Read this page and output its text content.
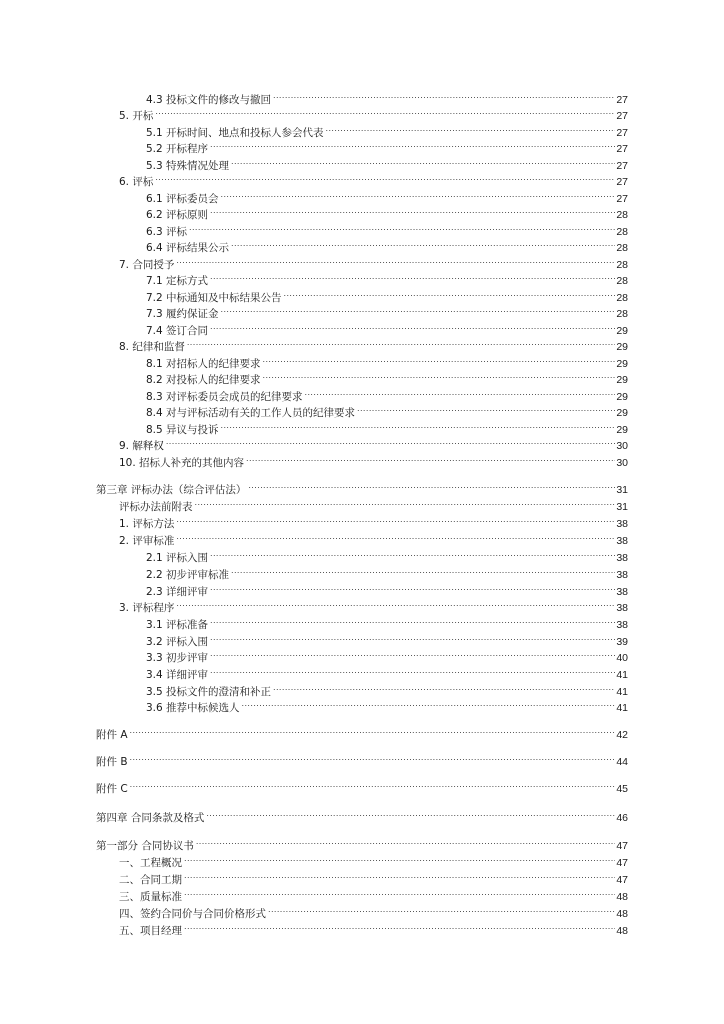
4.3 投标文件的修改与撤回 .....	27
5. 开标 .....	27
5.1 开标时间、地点和投标人参会代表 .....	27
5.2 开标程序 .....	27
5.3 特殊情况处理 .....	27
6. 评标 .....	27
6.1 评标委员会 .....	27
6.2 评标原则 .....	28
6.3 评标 .....	28
6.4 评标结果公示 .....	28
7. 合同授予 .....	28
7.1 定标方式 .....	28
7.2 中标通知及中标结果公告 .....	28
7.3 履约保证金 .....	28
7.4 签订合同 .....	29
8. 纪律和监督 .....	29
8.1 对招标人的纪律要求 .....	29
8.2 对投标人的纪律要求 .....	29
8.3 对评标委员会成员的纪律要求 .....	29
8.4 对与评标活动有关的工作人员的纪律要求 .....	29
8.5 异议与投诉 .....	29
9. 解释权 .....	30
10. 招标人补充的其他内容 .....	30
第三章 评标办法（综合评估法） .....	31
评标办法前附表 .....	31
1. 评标方法 .....	38
2. 评审标准 .....	38
2.1 评标入围 .....	38
2.2 初步评审标准 .....	38
2.3 详细评审 .....	38
3. 评标程序 .....	38
3.1 评标准备 .....	38
3.2 评标入围 .....	39
3.3 初步评审 .....	40
3.4 详细评审 .....	41
3.5 投标文件的澄清和补正 .....	41
3.6 推荐中标候选人 .....	41
附件 A .....	42
附件 B .....	44
附件 C .....	45
第四章 合同条款及格式 .....	46
第一部分 合同协议书 .....	47
一、工程概况 .....	47
二、合同工期 .....	47
三、质量标准 .....	48
四、签约合同价与合同价格形式 .....	48
五、项目经理 .....	48
